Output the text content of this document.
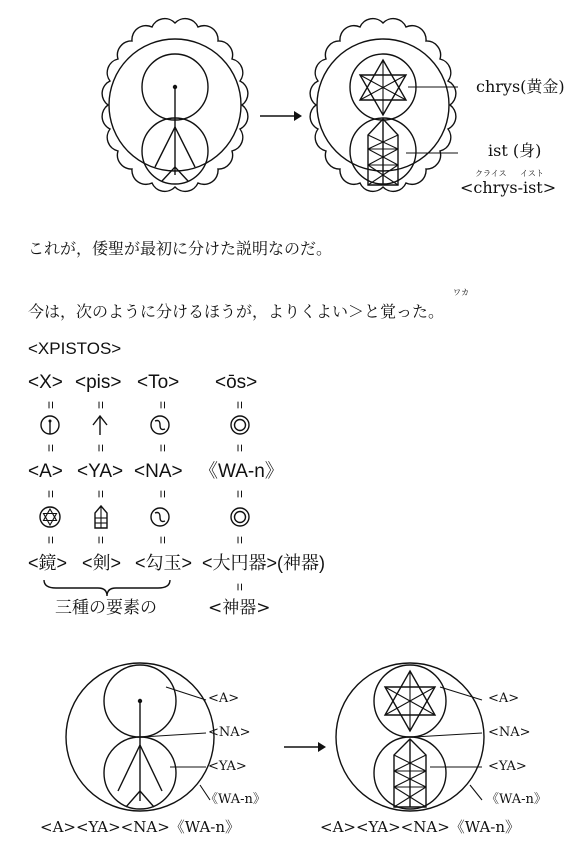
chrys(黄金)
ist (身)
クライス イスト
<chrys-ist>
これが，倭聖が最初に分けた説明なのだ。
ワカ
今は，次のように分けるほうが，よりくよい＞と覚った。
<XPISTOS>
<X> <pis> <To> <ōs>
= =	=	=
= =	=	=
<A> <YA> <NA> 《WA-n》
= =	=	=
= =	=	=
<鏡> <剣> <勾玉> <大円器>(神器)
=
三種の要素の	<神器>
<A>
<NA>
<YA>
《WA-n》
<A>
<NA>
<YA>
《WA-n》
<A><YA><NA>《WA-n》	<A><YA><NA>《WA-n》
